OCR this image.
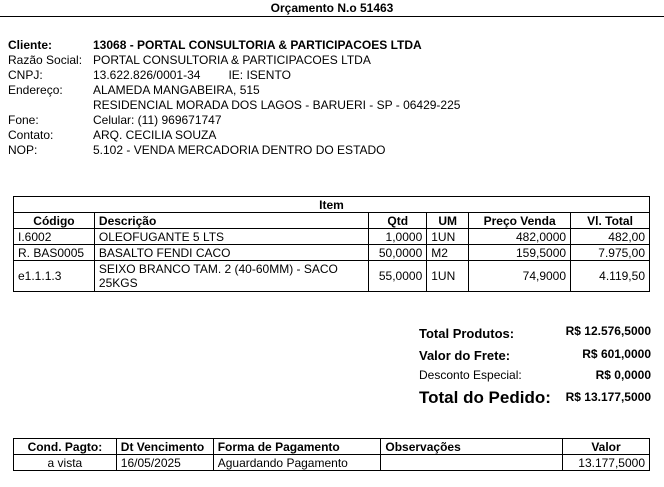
Orçamento N.o 51463
Cliente:	13068 - PORTAL CONSULTORIA & PARTICIPACOES LTDA
Razão Social: PORTAL CONSULTORIA & PARTICIPACOES LTDA
CNPJ:	13.622.826/0001-34 IE: ISENTO
Endereço:	ALAMEDA MANGABEIRA, 515
RESIDENCIAL MORADA DOS LAGOS - BARUERI - SP - 06429-225
Fone:	Celular: (11) 969671747
Contato:	ARQ. CECILIA SOUZA
NOP:	5.102 - VENDA MERCADORIA DENTRO DO ESTADO
Item					
Código	Descrição	Qtd	UM	Preço Venda	Vl. Total
I.6002	OLEOFUGANTE 5 LTS	1,0000	1UN	482,0000	482,00
R. BAS0005	BASALTO FENDI CACO	50,0000	M2	159,5000	7.975,00
e1.1.1.3	SEIXO BRANCO TAM. 2 (40-60MM) - SACO 25KGS	55,0000	1UN	74,9000	4.119,50
Total Produtos:	R$ 12.576,5000
Valor do Frete:	R$ 601,0000
Desconto Especial:	R$ 0,0000
Total do Pedido: R$ 13.177,5000
Cond. Pagto:	Dt Vencimento	Forma de Pagamento	Observações	Valor
a vista	16/05/2025	Aguardando Pagamento		13.177,5000
